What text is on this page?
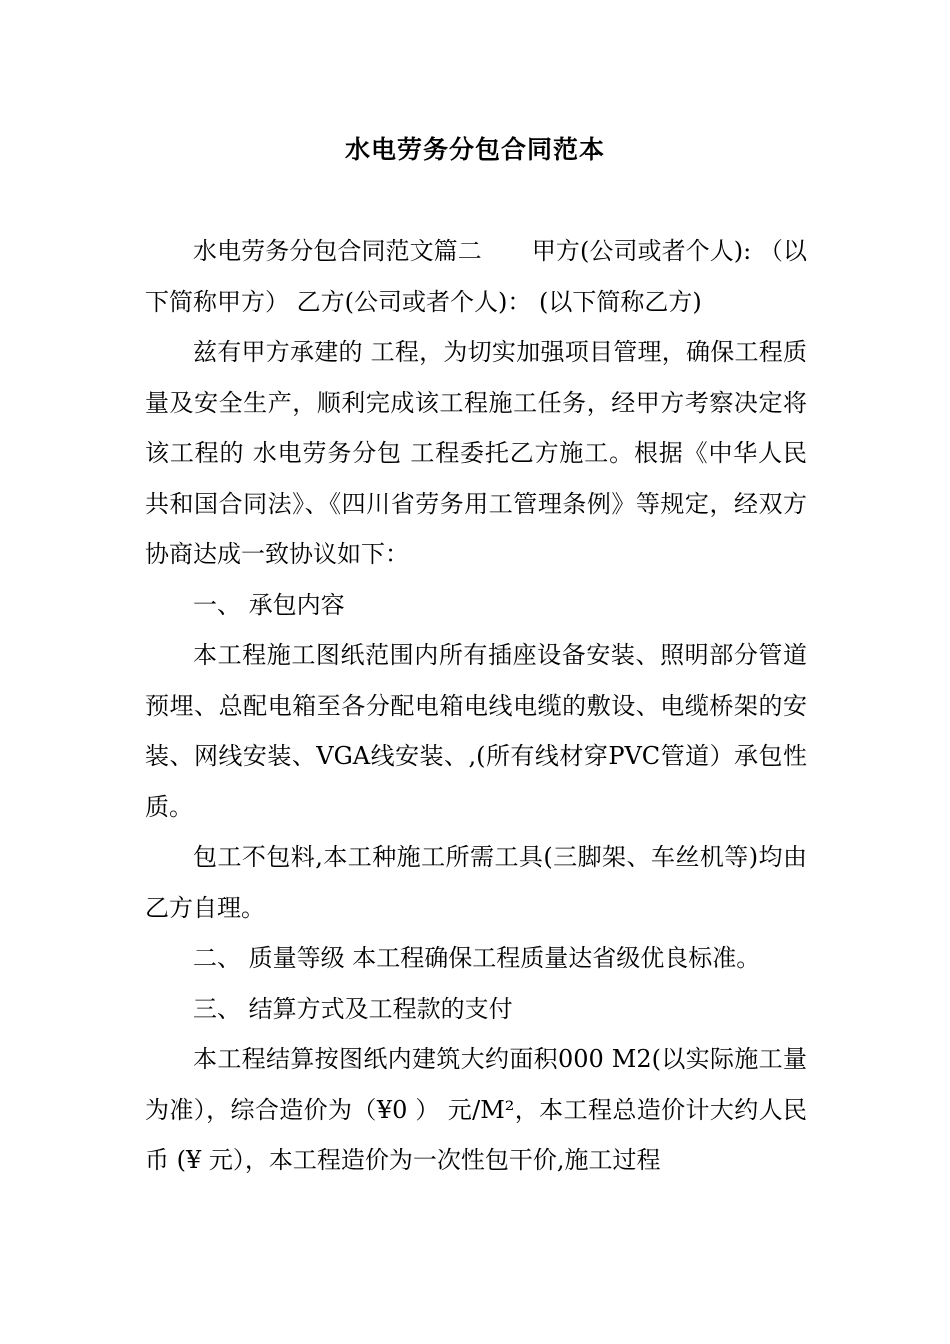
水电劳务分包合同范本

水电劳务分包合同范文篇二 甲方(公司或者个人): （以下简称甲方） 乙方(公司或者个人)： (以下简称乙方)

兹有甲方承建的 工程，为切实加强项目管理，确保工程质量及安全生产，顺利完成该工程施工任务，经甲方考察决定将该工程的 水电劳务分包 工程委托乙方施工。根据《中华人民共和国合同法》、《四川省劳务用工管理条例》等规定，经双方协商达成一致协议如下：

一、 承包内容

本工程施工图纸范围内所有插座设备安装、照明部分管道预埋、总配电箱至各分配电箱电线电缆的敷设、电缆桥架的安装、网线安装、VGA线安装、,(所有线材穿PVC管道）承包性质。

包工不包料,本工种施工所需工具(三脚架、车丝机等)均由乙方自理。

二、 质量等级 本工程确保工程质量达省级优良标准。

三、 结算方式及工程款的支付

本工程结算按图纸内建筑大约面积000 M2(以实际施工量为准），综合造价为（¥0 ） 元/M²，本工程总造价计大约人民币 (¥ 元），本工程造价为一次性包干价,施工过程
